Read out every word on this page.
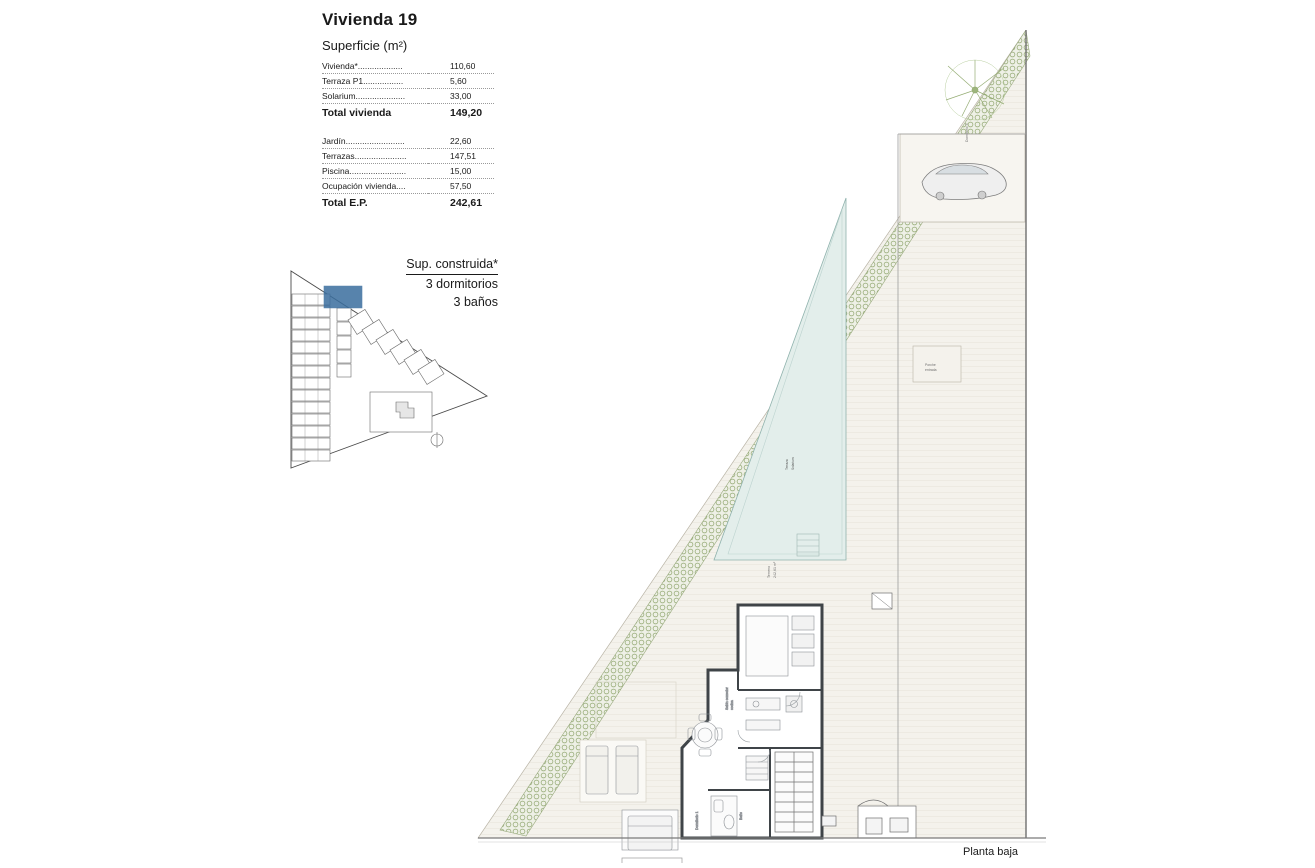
Vivienda 19
Superficie (m²)
Vivienda*...................	110,60
Terraza P1.................	5,60
Solarium.....................	33,00
Total vivienda	149,20

Jardín.........................	22,60
Terrazas......................	147,51
Piscina........................	15,00
Ocupación vivienda....	57,50
Total E.P.	242,61
Sup. construida*
3 dormitorios
3 baños
Terraza Solarium
Dormitorio 3
Porche
entrada
Terreno 242,61 m²
Salón comedor cocina
Baño
Dormitorio 1
Planta baja
